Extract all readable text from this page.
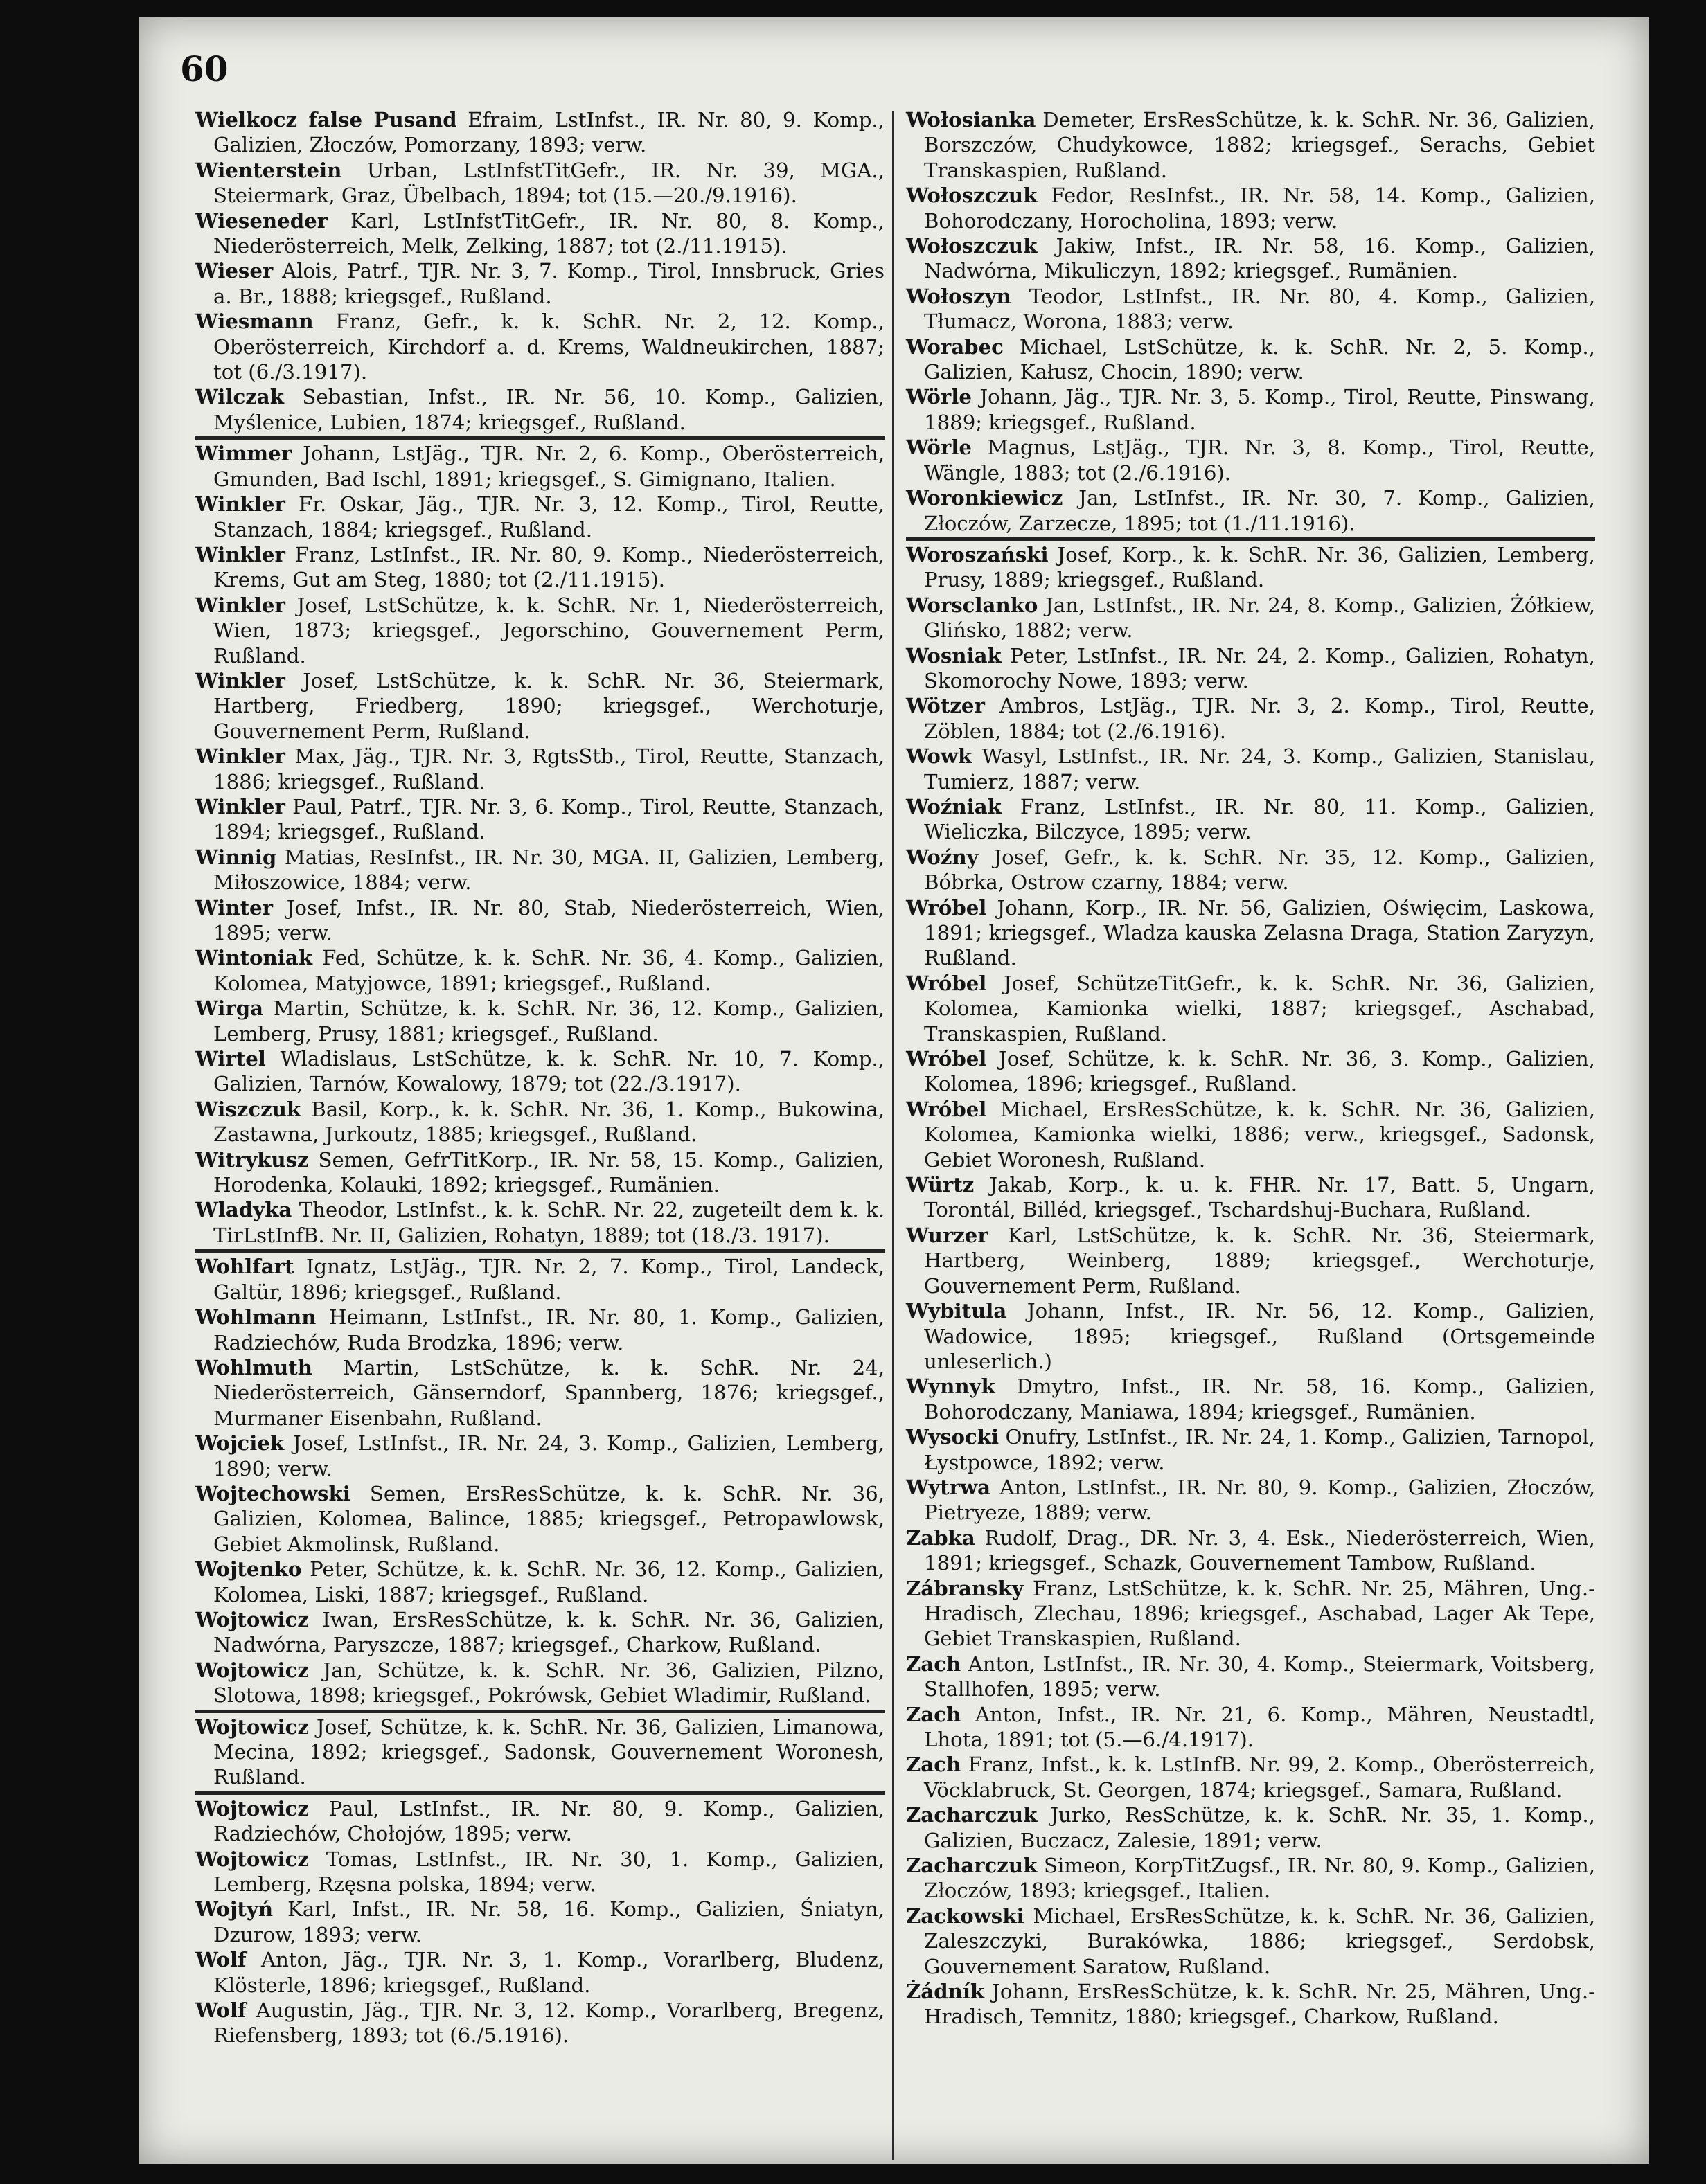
60
Wielkocz false Pusand Efraim, LstInfst., IR. Nr. 80, 9. Komp., Galizien, Złoczów, Pomorzany, 1893; verw.
Wienterstein Urban, LstInfstTitGefr., IR. Nr. 39, MGA., Steiermark, Graz, Übelbach, 1894; tot (15.—20./9.1916).
Wieseneder Karl, LstInfstTitGefr., IR. Nr. 80, 8. Komp., Niederösterreich, Melk, Zelking, 1887; tot (2./11.1915).
Wieser Alois, Patrf., TJR. Nr. 3, 7. Komp., Tirol, Innsbruck, Gries a. Br., 1888; kriegsgef., Rußland.
Wiesmann Franz, Gefr., k. k. SchR. Nr. 2, 12. Komp., Oberösterreich, Kirchdorf a. d. Krems, Waldneukirchen, 1887; tot (6./3.1917).
Wilczak Sebastian, Infst., IR. Nr. 56, 10. Komp., Galizien, Myślenice, Lubien, 1874; kriegsgef., Rußland.
Wimmer Johann, LstJäg., TJR. Nr. 2, 6. Komp., Oberösterreich, Gmunden, Bad Ischl, 1891; kriegsgef., S. Gimignano, Italien.
Winkler Fr. Oskar, Jäg., TJR. Nr. 3, 12. Komp., Tirol, Reutte, Stanzach, 1884; kriegsgef., Rußland.
Winkler Franz, LstInfst., IR. Nr. 80, 9. Komp., Niederösterreich, Krems, Gut am Steg, 1880; tot (2./11.1915).
Winkler Josef, LstSchütze, k. k. SchR. Nr. 1, Niederösterreich, Wien, 1873; kriegsgef., Jegorschino, Gouvernement Perm, Rußland.
Winkler Josef, LstSchütze, k. k. SchR. Nr. 36, Steiermark, Hartberg, Friedberg, 1890; kriegsgef., Werchoturje, Gouvernement Perm, Rußland.
Winkler Max, Jäg., TJR. Nr. 3, RgtsStb., Tirol, Reutte, Stanzach, 1886; kriegsgef., Rußland.
Winkler Paul, Patrf., TJR. Nr. 3, 6. Komp., Tirol, Reutte, Stanzach, 1894; kriegsgef., Rußland.
Winnig Matias, ResInfst., IR. Nr. 30, MGA. II, Galizien, Lemberg, Miłoszowice, 1884; verw.
Winter Josef, Infst., IR. Nr. 80, Stab, Niederösterreich, Wien, 1895; verw.
Wintoniak Fed, Schütze, k. k. SchR. Nr. 36, 4. Komp., Galizien, Kolomea, Matyjowce, 1891; kriegsgef., Rußland.
Wirga Martin, Schütze, k. k. SchR. Nr. 36, 12. Komp., Galizien, Lemberg, Prusy, 1881; kriegsgef., Rußland.
Wirtel Wladislaus, LstSchütze, k. k. SchR. Nr. 10, 7. Komp., Galizien, Tarnów, Kowalowy, 1879; tot (22./3.1917).
Wiszczuk Basil, Korp., k. k. SchR. Nr. 36, 1. Komp., Bukowina, Zastawna, Jurkoutz, 1885; kriegsgef., Rußland.
Witrykusz Semen, GefrTitKorp., IR. Nr. 58, 15. Komp., Galizien, Horodenka, Kolauki, 1892; kriegsgef., Rumänien.
Wladyka Theodor, LstInfst., k. k. SchR. Nr. 22, zugeteilt dem k. k. TirLstInfB. Nr. II, Galizien, Rohatyn, 1889; tot (18./3. 1917).
Wohlfart Ignatz, LstJäg., TJR. Nr. 2, 7. Komp., Tirol, Landeck, Galtür, 1896; kriegsgef., Rußland.
Wohlmann Heimann, LstInfst., IR. Nr. 80, 1. Komp., Galizien, Radziechów, Ruda Brodzka, 1896; verw.
Wohlmuth Martin, LstSchütze, k. k. SchR. Nr. 24, Niederösterreich, Gänserndorf, Spannberg, 1876; kriegsgef., Murmaner Eisenbahn, Rußland.
Wojciek Josef, LstInfst., IR. Nr. 24, 3. Komp., Galizien, Lemberg, 1890; verw.
Wojtechowski Semen, ErsResSchütze, k. k. SchR. Nr. 36, Galizien, Kolomea, Balince, 1885; kriegsgef., Petropawlowsk, Gebiet Akmolinsk, Rußland.
Wojtenko Peter, Schütze, k. k. SchR. Nr. 36, 12. Komp., Galizien, Kolomea, Liski, 1887; kriegsgef., Rußland.
Wojtowicz Iwan, ErsResSchütze, k. k. SchR. Nr. 36, Galizien, Nadwórna, Paryszcze, 1887; kriegsgef., Charkow, Rußland.
Wojtowicz Jan, Schütze, k. k. SchR. Nr. 36, Galizien, Pilzno, Slotowa, 1898; kriegsgef., Pokrówsk, Gebiet Wladimir, Rußland.
Wojtowicz Josef, Schütze, k. k. SchR. Nr. 36, Galizien, Limanowa, Mecina, 1892; kriegsgef., Sadonsk, Gouvernement Woronesh, Rußland.
Wojtowicz Paul, LstInfst., IR. Nr. 80, 9. Komp., Galizien, Radziechów, Chołojów, 1895; verw.
Wojtowicz Tomas, LstInfst., IR. Nr. 30, 1. Komp., Galizien, Lemberg, Rzęsna polska, 1894; verw.
Wojtyń Karl, Infst., IR. Nr. 58, 16. Komp., Galizien, Śniatyn, Dzurow, 1893; verw.
Wolf Anton, Jäg., TJR. Nr. 3, 1. Komp., Vorarlberg, Bludenz, Klösterle, 1896; kriegsgef., Rußland.
Wolf Augustin, Jäg., TJR. Nr. 3, 12. Komp., Vorarlberg, Bregenz, Riefensberg, 1893; tot (6./5.1916).
Wołosianka Demeter, ErsResSchütze, k. k. SchR. Nr. 36, Galizien, Borszczów, Chudykowce, 1882; kriegsgef., Serachs, Gebiet Transkaspien, Rußland.
Wołoszczuk Fedor, ResInfst., IR. Nr. 58, 14. Komp., Galizien, Bohorodczany, Horocholina, 1893; verw.
Wołoszczuk Jakiw, Infst., IR. Nr. 58, 16. Komp., Galizien, Nadwórna, Mikuliczyn, 1892; kriegsgef., Rumänien.
Wołoszyn Teodor, LstInfst., IR. Nr. 80, 4. Komp., Galizien, Tłumacz, Worona, 1883; verw.
Worabec Michael, LstSchütze, k. k. SchR. Nr. 2, 5. Komp., Galizien, Kałusz, Chocin, 1890; verw.
Wörle Johann, Jäg., TJR. Nr. 3, 5. Komp., Tirol, Reutte, Pinswang, 1889; kriegsgef., Rußland.
Wörle Magnus, LstJäg., TJR. Nr. 3, 8. Komp., Tirol, Reutte, Wängle, 1883; tot (2./6.1916).
Woronkiewicz Jan, LstInfst., IR. Nr. 30, 7. Komp., Galizien, Złoczów, Zarzecze, 1895; tot (1./11.1916).
Woroszański Josef, Korp., k. k. SchR. Nr. 36, Galizien, Lemberg, Prusy, 1889; kriegsgef., Rußland.
Worsclanko Jan, LstInfst., IR. Nr. 24, 8. Komp., Galizien, Żółkiew, Glińsko, 1882; verw.
Wosniak Peter, LstInfst., IR. Nr. 24, 2. Komp., Galizien, Rohatyn, Skomorochy Nowe, 1893; verw.
Wötzer Ambros, LstJäg., TJR. Nr. 3, 2. Komp., Tirol, Reutte, Zöblen, 1884; tot (2./6.1916).
Wowk Wasyl, LstInfst., IR. Nr. 24, 3. Komp., Galizien, Stanislau, Tumierz, 1887; verw.
Woźniak Franz, LstInfst., IR. Nr. 80, 11. Komp., Galizien, Wieliczka, Bilczyce, 1895; verw.
Woźny Josef, Gefr., k. k. SchR. Nr. 35, 12. Komp., Galizien, Bóbrka, Ostrow czarny, 1884; verw.
Wróbel Johann, Korp., IR. Nr. 56, Galizien, Oświęcim, Laskowa, 1891; kriegsgef., Wladza kauska Zelasna Draga, Station Zaryzyn, Rußland.
Wróbel Josef, SchützeTitGefr., k. k. SchR. Nr. 36, Galizien, Kolomea, Kamionka wielki, 1887; kriegsgef., Aschabad, Transkaspien, Rußland.
Wróbel Josef, Schütze, k. k. SchR. Nr. 36, 3. Komp., Galizien, Kolomea, 1896; kriegsgef., Rußland.
Wróbel Michael, ErsResSchütze, k. k. SchR. Nr. 36, Galizien, Kolomea, Kamionka wielki, 1886; verw., kriegsgef., Sadonsk, Gebiet Woronesh, Rußland.
Würtz Jakab, Korp., k. u. k. FHR. Nr. 17, Batt. 5, Ungarn, Torontál, Billéd, kriegsgef., Tschardshuj-Buchara, Rußland.
Wurzer Karl, LstSchütze, k. k. SchR. Nr. 36, Steiermark, Hartberg, Weinberg, 1889; kriegsgef., Werchoturje, Gouvernement Perm, Rußland.
Wybitula Johann, Infst., IR. Nr. 56, 12. Komp., Galizien, Wadowice, 1895; kriegsgef., Rußland (Ortsgemeinde unleserlich.)
Wynnyk Dmytro, Infst., IR. Nr. 58, 16. Komp., Galizien, Bohorodczany, Maniawa, 1894; kriegsgef., Rumänien.
Wysocki Onufry, LstInfst., IR. Nr. 24, 1. Komp., Galizien, Tarnopol, Łystpowce, 1892; verw.
Wytrwa Anton, LstInfst., IR. Nr. 80, 9. Komp., Galizien, Złoczów, Pietryeze, 1889; verw.
Zabka Rudolf, Drag., DR. Nr. 3, 4. Esk., Niederösterreich, Wien, 1891; kriegsgef., Schazk, Gouvernement Tambow, Rußland.
Zábransky Franz, LstSchütze, k. k. SchR. Nr. 25, Mähren, Ung.-Hradisch, Zlechau, 1896; kriegsgef., Aschabad, Lager Ak Tepe, Gebiet Transkaspien, Rußland.
Zach Anton, LstInfst., IR. Nr. 30, 4. Komp., Steiermark, Voitsberg, Stallhofen, 1895; verw.
Zach Anton, Infst., IR. Nr. 21, 6. Komp., Mähren, Neustadtl, Lhota, 1891; tot (5.—6./4.1917).
Zach Franz, Infst., k. k. LstInfB. Nr. 99, 2. Komp., Oberösterreich, Vöcklabruck, St. Georgen, 1874; kriegsgef., Samara, Rußland.
Zacharczuk Jurko, ResSchütze, k. k. SchR. Nr. 35, 1. Komp., Galizien, Buczacz, Zalesie, 1891; verw.
Zacharczuk Simeon, KorpTitZugsf., IR. Nr. 80, 9. Komp., Galizien, Złoczów, 1893; kriegsgef., Italien.
Zackowski Michael, ErsResSchütze, k. k. SchR. Nr. 36, Galizien, Zaleszczyki, Burakówka, 1886; kriegsgef., Serdobsk, Gouvernement Saratow, Rußland.
Żádník Johann, ErsResSchütze, k. k. SchR. Nr. 25, Mähren, Ung.-Hradisch, Temnitz, 1880; kriegsgef., Charkow, Rußland.
